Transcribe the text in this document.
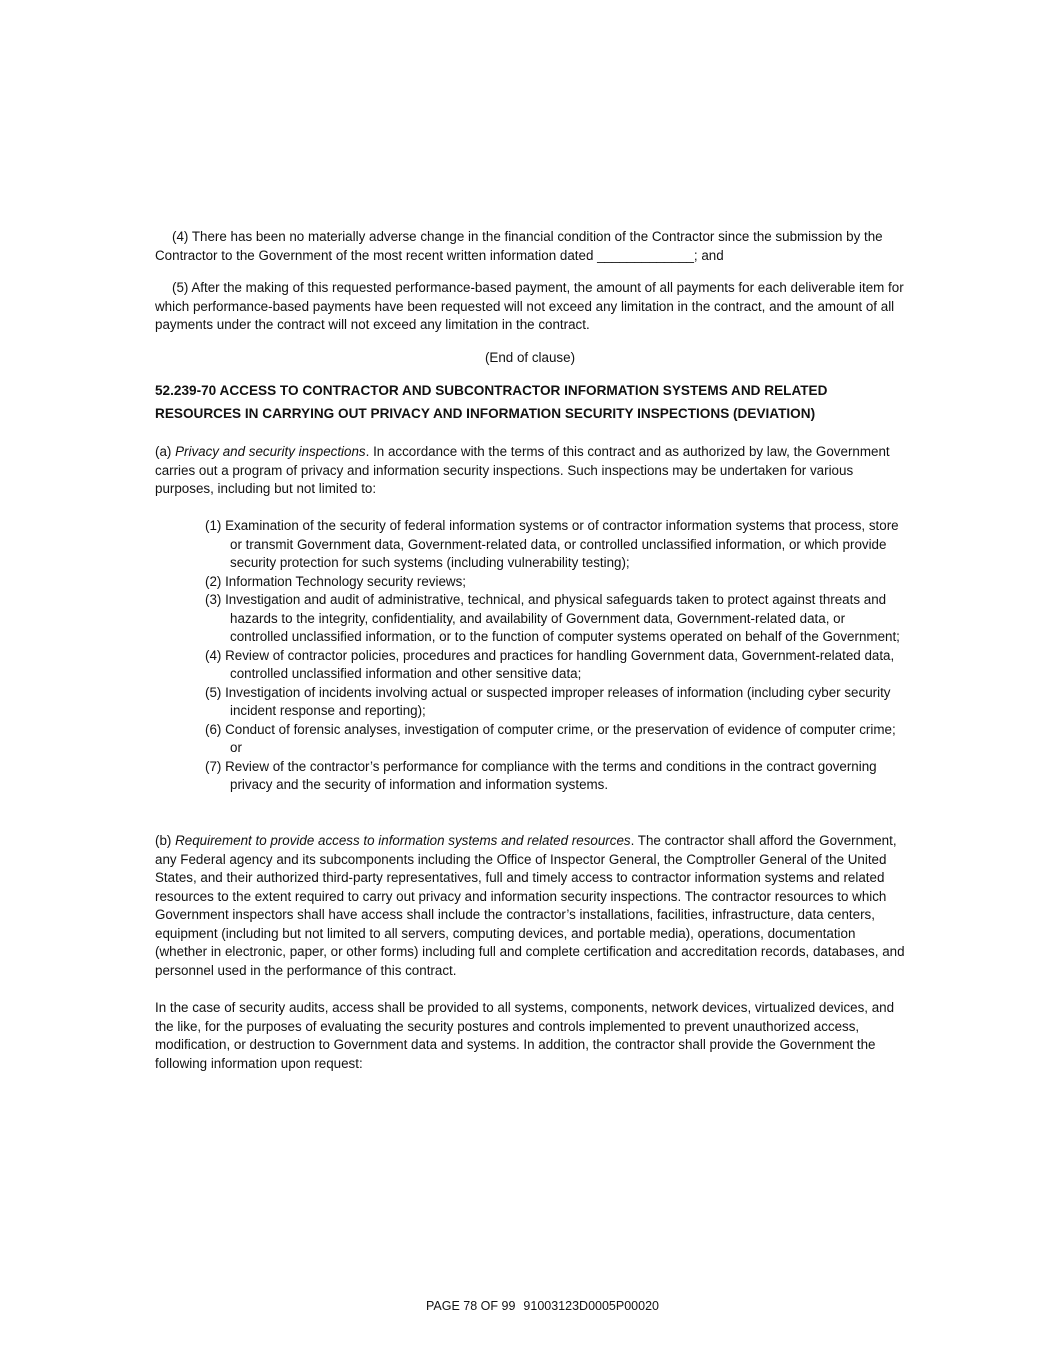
(4) There has been no materially adverse change in the financial condition of the Contractor since the submission by the Contractor to the Government of the most recent written information dated _____________; and

(5) After the making of this requested performance-based payment, the amount of all payments for each deliverable item for which performance-based payments have been requested will not exceed any limitation in the contract, and the amount of all payments under the contract will not exceed any limitation in the contract.

(End of clause)

52.239-70 ACCESS TO CONTRACTOR AND SUBCONTRACTOR INFORMATION SYSTEMS AND RELATED RESOURCES IN CARRYING OUT PRIVACY AND INFORMATION SECURITY INSPECTIONS (DEVIATION)

(a) Privacy and security inspections. In accordance with the terms of this contract and as authorized by law, the Government carries out a program of privacy and information security inspections. Such inspections may be undertaken for various purposes, including but not limited to:

(1) Examination of the security of federal information systems or of contractor information systems that process, store or transmit Government data, Government-related data, or controlled unclassified information, or which provide security protection for such systems (including vulnerability testing);
(2) Information Technology security reviews;
(3) Investigation and audit of administrative, technical, and physical safeguards taken to protect against threats and hazards to the integrity, confidentiality, and availability of Government data, Government-related data, or controlled unclassified information, or to the function of computer systems operated on behalf of the Government;
(4) Review of contractor policies, procedures and practices for handling Government data, Government-related data, controlled unclassified information and other sensitive data;
(5) Investigation of incidents involving actual or suspected improper releases of information (including cyber security incident response and reporting);
(6) Conduct of forensic analyses, investigation of computer crime, or the preservation of evidence of computer crime; or
(7) Review of the contractor’s performance for compliance with the terms and conditions in the contract governing privacy and the security of information and information systems.

(b) Requirement to provide access to information systems and related resources. The contractor shall afford the Government, any Federal agency and its subcomponents including the Office of Inspector General, the Comptroller General of the United States, and their authorized third-party representatives, full and timely access to contractor information systems and related resources to the extent required to carry out privacy and information security inspections. The contractor resources to which Government inspectors shall have access shall include the contractor’s installations, facilities, infrastructure, data centers, equipment (including but not limited to all servers, computing devices, and portable media), operations, documentation (whether in electronic, paper, or other forms) including full and complete certification and accreditation records, databases, and personnel used in the performance of this contract.

In the case of security audits, access shall be provided to all systems, components, network devices, virtualized devices, and the like, for the purposes of evaluating the security postures and controls implemented to prevent unauthorized access, modification, or destruction to Government data and systems. In addition, the contractor shall provide the Government the following information upon request:

PAGE 78 OF 99 91003123D0005P00020
